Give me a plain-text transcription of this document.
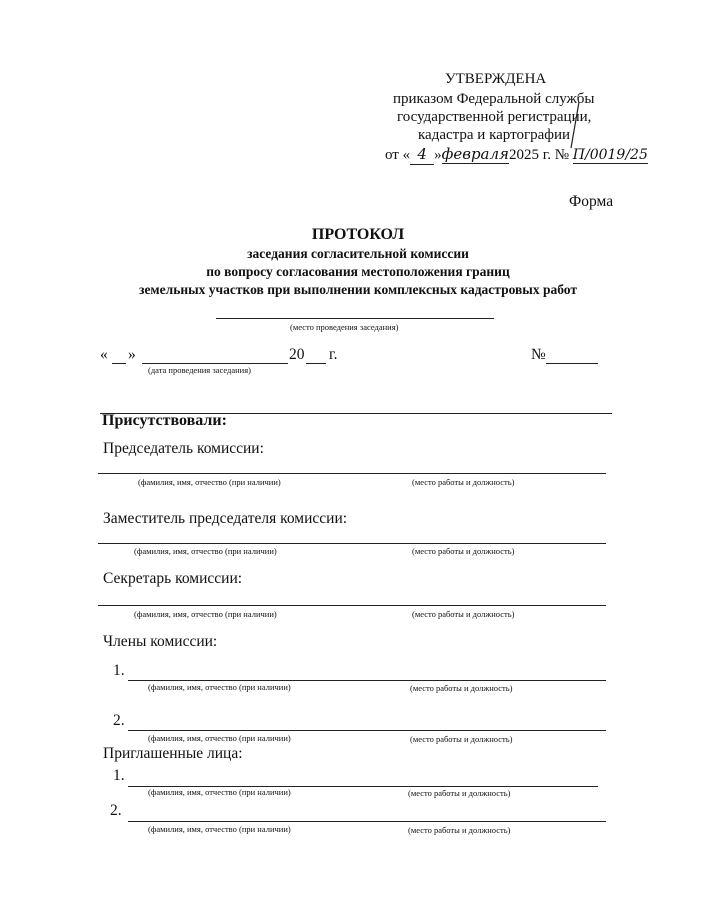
УТВЕРЖДЕНА
приказом Федеральной службы
государственной регистрации,
кадастра и картографии
от « 4 »февраля2025 г. № П/0019/25
Форма
ПРОТОКОЛ
заседания согласительной комиссии
по вопросу согласования местоположения границ
земельных участков при выполнении комплексных кадастровых работ
(место проведения заседания)
« »	20 г.	№
(дата проведения заседания)
Присутствовали:
Председатель комиссии:
(фамилия, имя, отчество (при наличии)	(место работы и должность)
Заместитель председателя комиссии:
(фамилия, имя, отчество (при наличии)	(место работы и должность)
Секретарь комиссии:
(фамилия, имя, отчество (при наличии)	(место работы и должность)
Члены комиссии:
1.
(фамилия, имя, отчество (при наличии)	(место работы и должность)
2.
(фамилия, имя, отчество (при наличии)	(место работы и должность)
Приглашенные лица:
1.
(фамилия, имя, отчество (при наличии)	(место работы и должность)
2.
(фамилия, имя, отчество (при наличии)	(место работы и должность)
